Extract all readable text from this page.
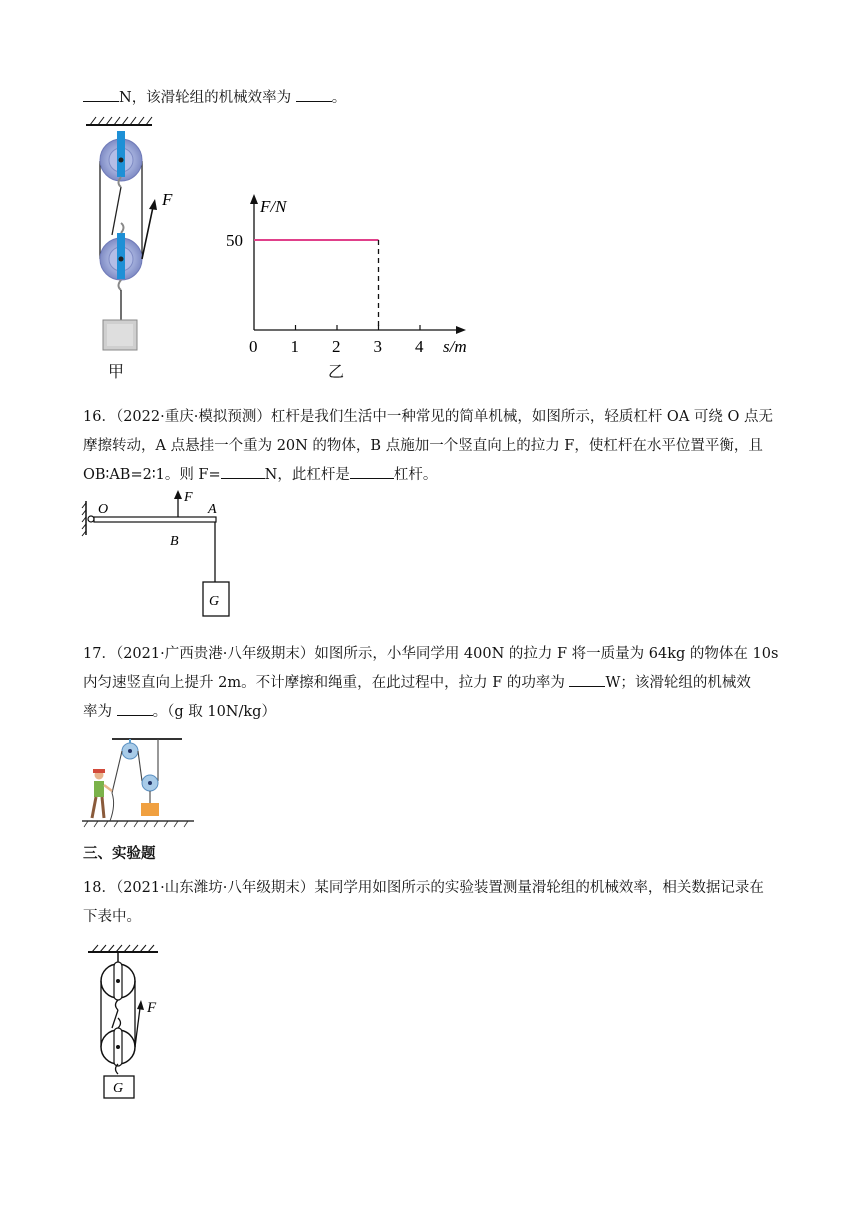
N，该滑轮组的机械效率为 。
F
甲
F/N
s/m
0 1 2 3 4
50
乙
16．（2022·重庆·模拟预测）杠杆是我们生活中一种常见的简单机械，如图所示，轻质杠杆 OA 可绕 O 点无
摩擦转动，A 点悬挂一个重为 20N 的物体，B 点施加一个竖直向上的拉力 F，使杠杆在水平位置平衡，且
OB∶AB=2∶1。则 F=	N，此杠杆是	杠杆。
F
O	A
B
G
17．（2021·广西贵港·八年级期末）如图所示，小华同学用 400N 的拉力 F 将一质量为 64kg 的物体在 10s
内匀速竖直向上提升 2m。不计摩擦和绳重，在此过程中，拉力 F 的功率为 W；该滑轮组的机械效
率为 。（g 取 10N/kg）
三、实验题
18．（2021·山东潍坊·八年级期末）某同学用如图所示的实验装置测量滑轮组的机械效率，相关数据记录在
下表中。
F
G
